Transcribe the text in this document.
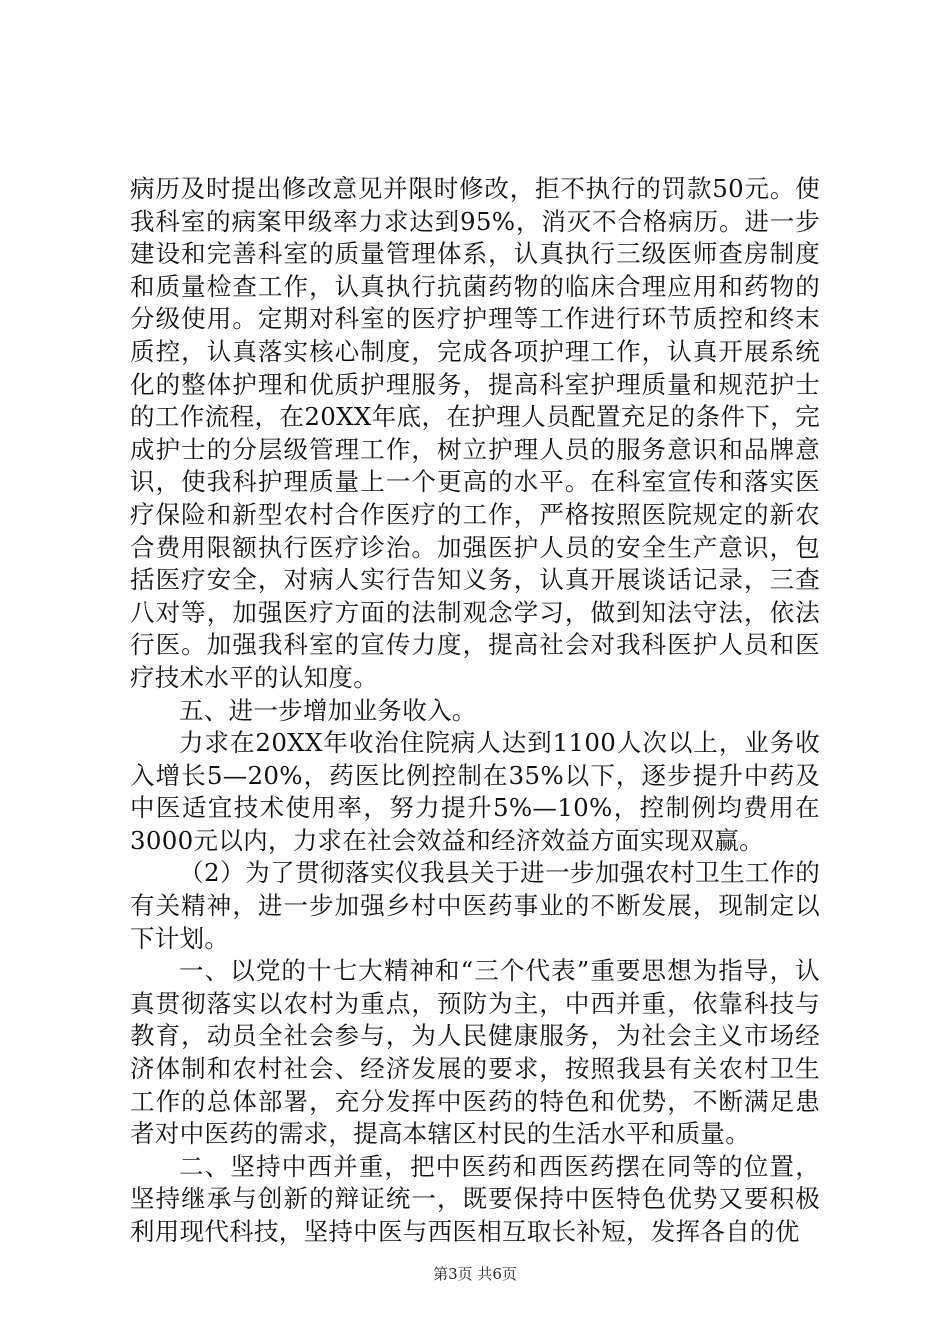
病历及时提出修改意见并限时修改，拒不执行的罚款50元。使我科室的病案甲级率力求达到95%，消灭不合格病历。进一步建设和完善科室的质量管理体系，认真执行三级医师查房制度和质量检查工作，认真执行抗菌药物的临床合理应用和药物的分级使用。定期对科室的医疗护理等工作进行环节质控和终末质控，认真落实核心制度，完成各项护理工作，认真开展系统化的整体护理和优质护理服务，提高科室护理质量和规范护士的工作流程，在20XX年底，在护理人员配置充足的条件下，完成护士的分层级管理工作，树立护理人员的服务意识和品牌意识，使我科护理质量上一个更高的水平。在科室宣传和落实医疗保险和新型农村合作医疗的工作，严格按照医院规定的新农合费用限额执行医疗诊治。加强医护人员的安全生产意识，包括医疗安全，对病人实行告知义务，认真开展谈话记录，三查八对等，加强医疗方面的法制观念学习，做到知法守法，依法行医。加强我科室的宣传力度，提高社会对我科医护人员和医疗技术水平的认知度。

五、进一步增加业务收入。

力求在20XX年收治住院病人达到1100人次以上，业务收入增长5—20%，药医比例控制在35%以下，逐步提升中药及中医适宜技术使用率，努力提升5%—10%，控制例均费用在3000元以内，力求在社会效益和经济效益方面实现双赢。

（2）为了贯彻落实仪我县关于进一步加强农村卫生工作的有关精神，进一步加强乡村中医药事业的不断发展，现制定以下计划。

一、以党的十七大精神和“三个代表”重要思想为指导，认真贯彻落实以农村为重点，预防为主，中西并重，依靠科技与教育，动员全社会参与，为人民健康服务，为社会主义市场经济体制和农村社会、经济发展的要求，按照我县有关农村卫生工作的总体部署，充分发挥中医药的特色和优势，不断满足患者对中医药的需求，提高本辖区村民的生活水平和质量。

二、坚持中西并重，把中医药和西医药摆在同等的位置，坚持继承与创新的辩证统一，既要保持中医特色优势又要积极利用现代科技，坚持中医与西医相互取长补短，发挥各自的优

第3页 共6页
